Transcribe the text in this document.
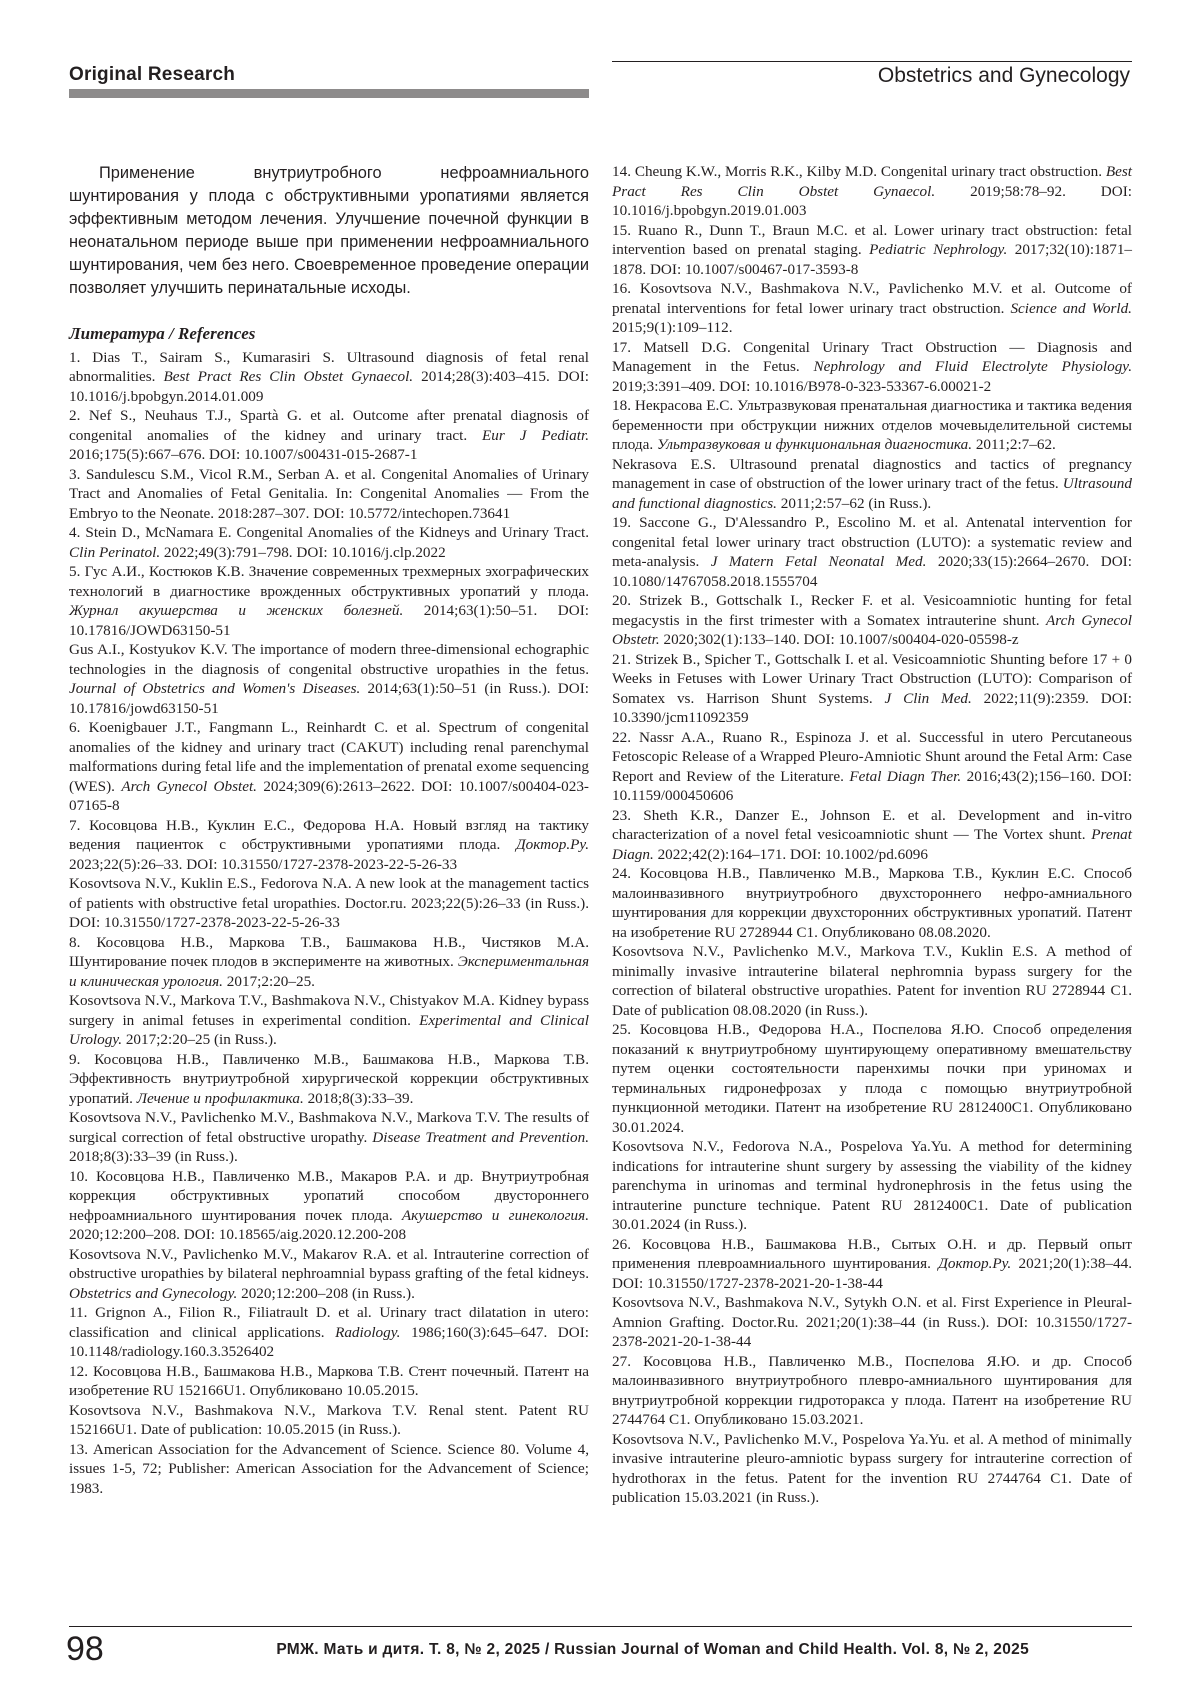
Original Research	Obstetrics and Gynecology

Применение внутриутробного нефроамниального шунтирования у плода с обструктивными уропатиями является эффективным методом лечения. Улучшение почечной функции в неонатальном периоде выше при применении нефроамниального шунтирования, чем без него. Своевременное проведение операции позволяет улучшить перинатальные исходы.

Литература / References

1. Dias T., Sairam S., Kumarasiri S. Ultrasound diagnosis of fetal renal abnormalities. Best Pract Res Clin Obstet Gynaecol. 2014;28(3):403–415. DOI: 10.1016/j.bpobgyn.2014.01.009

2. Nef S., Neuhaus T.J., Spartà G. et al. Outcome after prenatal diagnosis of congenital anomalies of the kidney and urinary tract. Eur J Pediatr. 2016;175(5):667–676. DOI: 10.1007/s00431-015-2687-1

3. Sandulescu S.M., Vicol R.M., Serban A. et al. Congenital Anomalies of Urinary Tract and Anomalies of Fetal Genitalia. In: Congenital Anomalies — From the Embryo to the Neonate. 2018:287–307. DOI: 10.5772/intechopen.73641

4. Stein D., McNamara E. Congenital Anomalies of the Kidneys and Urinary Tract. Clin Perinatol. 2022;49(3):791–798. DOI: 10.1016/j.clp.2022

5. Гус А.И., Костюков К.В. Значение современных трехмерных эхографических технологий в диагностике врожденных обструктивных уропатий у плода. Журнал акушерства и женских болезней. 2014;63(1):50–51. DOI: 10.17816/JOWD63150-51

Gus A.I., Kostyukov K.V. The importance of modern three-dimensional echographic technologies in the diagnosis of congenital obstructive uropathies in the fetus. Journal of Obstetrics and Women's Diseases. 2014;63(1):50–51 (in Russ.). DOI: 10.17816/jowd63150-51

6. Koenigbauer J.T., Fangmann L., Reinhardt C. et al. Spectrum of congenital anomalies of the kidney and urinary tract (CAKUT) including renal parenchymal malformations during fetal life and the implementation of prenatal exome sequencing (WES). Arch Gynecol Obstet. 2024;309(6):2613–2622. DOI: 10.1007/s00404-023-07165-8

7. Косовцова Н.В., Куклин Е.С., Федорова Н.А. Новый взгляд на тактику ведения пациенток с обструктивными уропатиями плода. Доктор.Ру. 2023;22(5):26–33. DOI: 10.31550/1727-2378-2023-22-5-26-33

Kosovtsova N.V., Kuklin E.S., Fedorova N.A. A new look at the management tactics of patients with obstructive fetal uropathies. Doctor.ru. 2023;22(5):26–33 (in Russ.). DOI: 10.31550/1727-2378-2023-22-5-26-33

8. Косовцова Н.В., Маркова Т.В., Башмакова Н.В., Чистяков М.А. Шунтирование почек плодов в эксперименте на животных. Экспериментальная и клиническая урология. 2017;2:20–25.

Kosovtsova N.V., Markova T.V., Bashmakova N.V., Chistyakov M.A. Kidney bypass surgery in animal fetuses in experimental condition. Experimental and Clinical Urology. 2017;2:20–25 (in Russ.).

9. Косовцова Н.В., Павличенко М.В., Башмакова Н.В., Маркова Т.В. Эффективность внутриутробной хирургической коррекции обструктивных уропатий. Лечение и профилактика. 2018;8(3):33–39.

Kosovtsova N.V., Pavlichenko M.V., Bashmakova N.V., Markova T.V. The results of surgical correction of fetal obstructive uropathy. Disease Treatment and Prevention. 2018;8(3):33–39 (in Russ.).

10. Косовцова Н.В., Павличенко М.В., Макаров Р.А. и др. Внутриутробная коррекция обструктивных уропатий способом двустороннего нефроамниального шунтирования почек плода. Акушерство и гинекология. 2020;12:200–208. DOI: 10.18565/aig.2020.12.200-208

Kosovtsova N.V., Pavlichenko M.V., Makarov R.A. et al. Intrauterine correction of obstructive uropathies by bilateral nephroamnial bypass grafting of the fetal kidneys. Obstetrics and Gynecology. 2020;12:200–208 (in Russ.).

11. Grignon A., Filion R., Filiatrault D. et al. Urinary tract dilatation in utero: classification and clinical applications. Radiology. 1986;160(3):645–647. DOI: 10.1148/radiology.160.3.3526402

12. Косовцова Н.В., Башмакова Н.В., Маркова Т.В. Стент почечный. Патент на изобретение RU 152166U1. Опубликовано 10.05.2015.

Kosovtsova N.V., Bashmakova N.V., Markova T.V. Renal stent. Patent RU 152166U1. Date of publication: 10.05.2015 (in Russ.).

13. American Association for the Advancement of Science. Science 80. Volume 4, issues 1-5, 72; Publisher: American Association for the Advancement of Science; 1983.

14. Cheung K.W., Morris R.K., Kilby M.D. Congenital urinary tract obstruction. Best Pract Res Clin Obstet Gynaecol. 2019;58:78–92. DOI: 10.1016/j.bpobgyn.2019.01.003

15. Ruano R., Dunn T., Braun M.C. et al. Lower urinary tract obstruction: fetal intervention based on prenatal staging. Pediatric Nephrology. 2017;32(10):1871–1878. DOI: 10.1007/s00467-017-3593-8

16. Kosovtsova N.V., Bashmakova N.V., Pavlichenko M.V. et al. Outcome of prenatal interventions for fetal lower urinary tract obstruction. Science and World. 2015;9(1):109–112.

17. Matsell D.G. Congenital Urinary Tract Obstruction — Diagnosis and Management in the Fetus. Nephrology and Fluid Electrolyte Physiology. 2019;3:391–409. DOI: 10.1016/B978-0-323-53367-6.00021-2

18. Некрасова Е.С. Ультразвуковая пренатальная диагностика и тактика ведения беременности при обструкции нижних отделов мочевыделительной системы плода. Ультразвуковая и функциональная диагностика. 2011;2:7–62.

Nekrasova E.S. Ultrasound prenatal diagnostics and tactics of pregnancy management in case of obstruction of the lower urinary tract of the fetus. Ultrasound and functional diagnostics. 2011;2:57–62 (in Russ.).

19. Saccone G., D'Alessandro P., Escolino M. et al. Antenatal intervention for congenital fetal lower urinary tract obstruction (LUTO): a systematic review and meta-analysis. J Matern Fetal Neonatal Med. 2020;33(15):2664–2670. DOI: 10.1080/14767058.2018.1555704

20. Strizek B., Gottschalk I., Recker F. et al. Vesicoamniotic hunting for fetal megacystis in the first trimester with a Somatex intrauterine shunt. Arch Gynecol Obstetr. 2020;302(1):133–140. DOI: 10.1007/s00404-020-05598-z

21. Strizek B., Spicher T., Gottschalk I. et al. Vesicoamniotic Shunting before 17 + 0 Weeks in Fetuses with Lower Urinary Tract Obstruction (LUTO): Comparison of Somatex vs. Harrison Shunt Systems. J Clin Med. 2022;11(9):2359. DOI: 10.3390/jcm11092359

22. Nassr A.A., Ruano R., Espinoza J. et al. Successful in utero Percutaneous Fetoscopic Release of a Wrapped Pleuro-Amniotic Shunt around the Fetal Arm: Case Report and Review of the Literature. Fetal Diagn Ther. 2016;43(2);156–160. DOI: 10.1159/000450606

23. Sheth K.R., Danzer E., Johnson E. et al. Development and in-vitro characterization of a novel fetal vesicoamniotic shunt — The Vortex shunt. Prenat Diagn. 2022;42(2):164–171. DOI: 10.1002/pd.6096

24. Косовцова Н.В., Павличенко М.В., Маркова Т.В., Куклин Е.С. Способ малоинвазивного внутриутробного двухстороннего нефро-амниального шунтирования для коррекции двухсторонних обструктивных уропатий. Патент на изобретение RU 2728944 C1. Опубликовано 08.08.2020.

Kosovtsova N.V., Pavlichenko M.V., Markova T.V., Kuklin E.S. A method of minimally invasive intrauterine bilateral nephromnia bypass surgery for the correction of bilateral obstructive uropathies. Patent for invention RU 2728944 C1. Date of publication 08.08.2020 (in Russ.).

25. Косовцова Н.В., Федорова Н.А., Поспелова Я.Ю. Способ определения показаний к внутриутробному шунтирующему оперативному вмешательству путем оценки состоятельности паренхимы почки при уриномах и терминальных гидронефрозах у плода с помощью внутриутробной пункционной методики. Патент на изобретение RU 2812400C1. Опубликовано 30.01.2024.

Kosovtsova N.V., Fedorova N.A., Pospelova Ya.Yu. A method for determining indications for intrauterine shunt surgery by assessing the viability of the kidney parenchyma in urinomas and terminal hydronephrosis in the fetus using the intrauterine puncture technique. Patent RU 2812400C1. Date of publication 30.01.2024 (in Russ.).

26. Косовцова Н.В., Башмакова Н.В., Сытых О.Н. и др. Первый опыт применения плевроамниального шунтирования. Доктор.Ру. 2021;20(1):38–44. DOI: 10.31550/1727-2378-2021-20-1-38-44

Kosovtsova N.V., Bashmakova N.V., Sytykh O.N. et al. First Experience in Pleural-Amnion Grafting. Doctor.Ru. 2021;20(1):38–44 (in Russ.). DOI: 10.31550/1727-2378-2021-20-1-38-44

27. Косовцова Н.В., Павличенко М.В., Поспелова Я.Ю. и др. Способ малоинвазивного внутриутробного плевро-амниального шунтирования для внутриутробной коррекции гидроторакса у плода. Патент на изобретение RU 2744764 C1. Опубликовано 15.03.2021.

Kosovtsova N.V., Pavlichenko M.V., Pospelova Ya.Yu. et al. A method of minimally invasive intrauterine pleuro-amniotic bypass surgery for intrauterine correction of hydrothorax in the fetus. Patent for the invention RU 2744764 C1. Date of publication 15.03.2021 (in Russ.).

98	РМЖ. Мать и дитя. Т. 8, № 2, 2025 / Russian Journal of Woman and Child Health. Vol. 8, № 2, 2025
